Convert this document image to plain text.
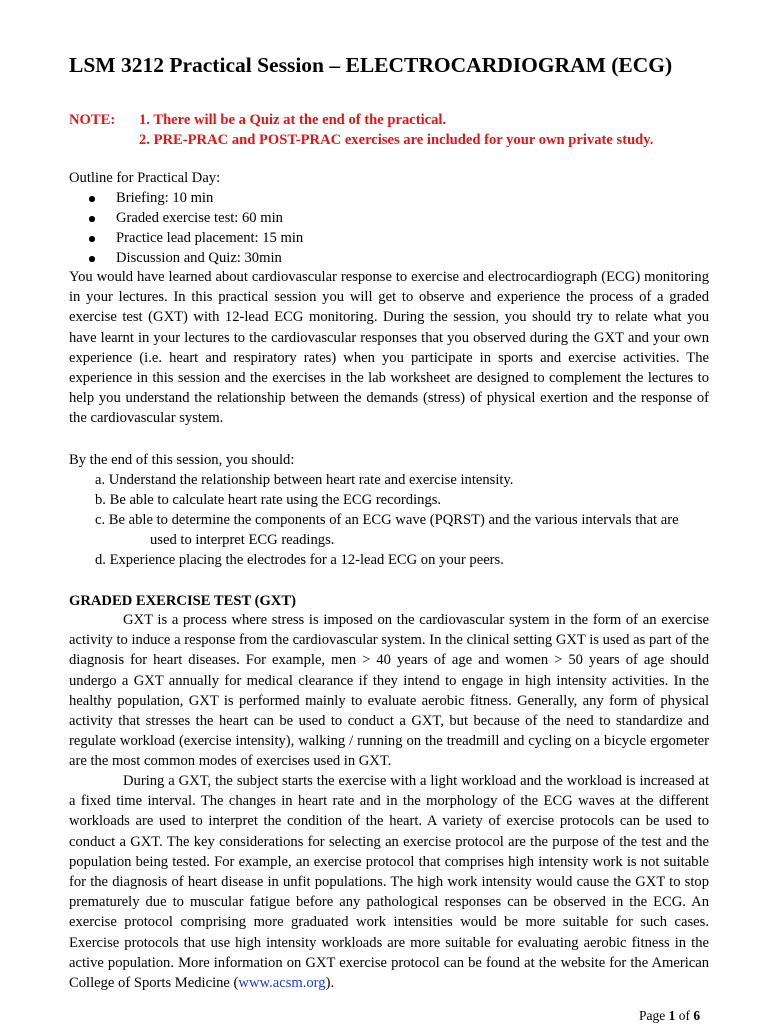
LSM 3212 Practical Session – ELECTROCARDIOGRAM (ECG)
NOTE: 1. There will be a Quiz at the end of the practical.
2. PRE-PRAC and POST-PRAC exercises are included for your own private study.
Outline for Practical Day:
Briefing: 10 min
Graded exercise test: 60 min
Practice lead placement: 15 min
Discussion and Quiz: 30min

You would have learned about cardiovascular response to exercise and electrocardiograph (ECG) monitoring in your lectures. In this practical session you will get to observe and experience the process of a graded exercise test (GXT) with 12-lead ECG monitoring. During the session, you should try to relate what you have learnt in your lectures to the cardiovascular responses that you observed during the GXT and your own experience (i.e. heart and respiratory rates) when you participate in sports and exercise activities. The experience in this session and the exercises in the lab worksheet are designed to complement the lectures to help you understand the relationship between the demands (stress) of physical exertion and the response of the cardiovascular system.

By the end of this session, you should:
a. Understand the relationship between heart rate and exercise intensity.
b. Be able to calculate heart rate using the ECG recordings.
c. Be able to determine the components of an ECG wave (PQRST) and the various intervals that are
used to interpret ECG readings.
d. Experience placing the electrodes for a 12-lead ECG on your peers.
GRADED EXERCISE TEST (GXT)

GXT is a process where stress is imposed on the cardiovascular system in the form of an exercise activity to induce a response from the cardiovascular system. In the clinical setting GXT is used as part of the diagnosis for heart diseases. For example, men > 40 years of age and women > 50 years of age should undergo a GXT annually for medical clearance if they intend to engage in high intensity activities. In the healthy population, GXT is performed mainly to evaluate aerobic fitness. Generally, any form of physical activity that stresses the heart can be used to conduct a GXT, but because of the need to standardize and regulate workload (exercise intensity), walking / running on the treadmill and cycling on a bicycle ergometer are the most common modes of exercises used in GXT.

During a GXT, the subject starts the exercise with a light workload and the workload is increased at a fixed time interval. The changes in heart rate and in the morphology of the ECG waves at the different workloads are used to interpret the condition of the heart. A variety of exercise protocols can be used to conduct a GXT. The key considerations for selecting an exercise protocol are the purpose of the test and the population being tested. For example, an exercise protocol that comprises high intensity work is not suitable for the diagnosis of heart disease in unfit populations. The high work intensity would cause the GXT to stop prematurely due to muscular fatigue before any pathological responses can be observed in the ECG. An exercise protocol comprising more graduated work intensities would be more suitable for such cases. Exercise protocols that use high intensity workloads are more suitable for evaluating aerobic fitness in the active population. More information on GXT exercise protocol can be found at the website for the American College of Sports Medicine (www.acsm.org).

Page 1 of 6
